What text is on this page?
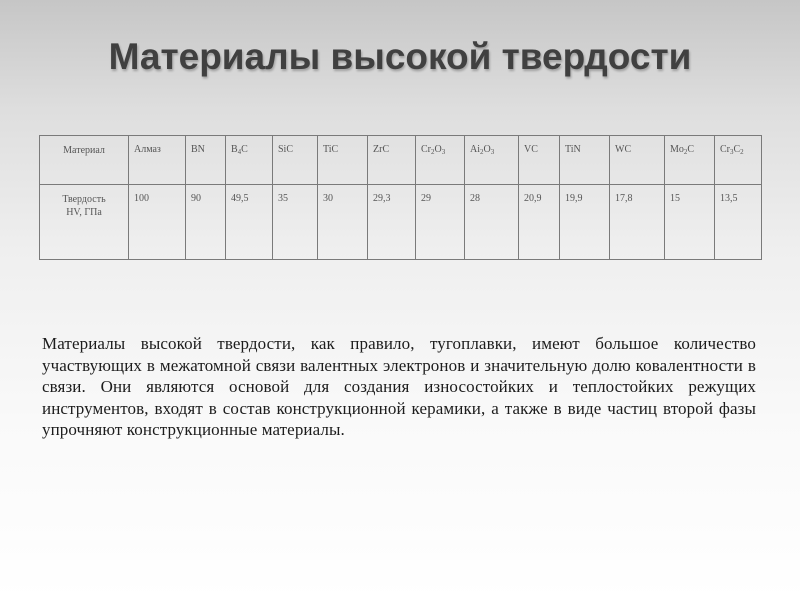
Материалы высокой твердости
Материал	Алмаз	BN	$B_4C$	SiC	TiC	ZrC	$Cr_2O_3$	$Ai_2O_3$	VC	TiN	WC	$Mo_2C$	$Cr_3C_2$
Твердость
HV, ГПа	100	90	49,5	35	30	29,3	29	28	20,9	19,9	17,8	15	13,5

Материалы высокой твердости, как правило, тугоплавки, имеют большое количество участвующих в межатомной связи валентных электронов и значительную долю ковалентности в связи. Они являются основой для создания износостойких и теплостойких режущих инструментов, входят в состав конструкционной керамики, а также в виде частиц второй фазы упрочняют конструкционные материалы.
